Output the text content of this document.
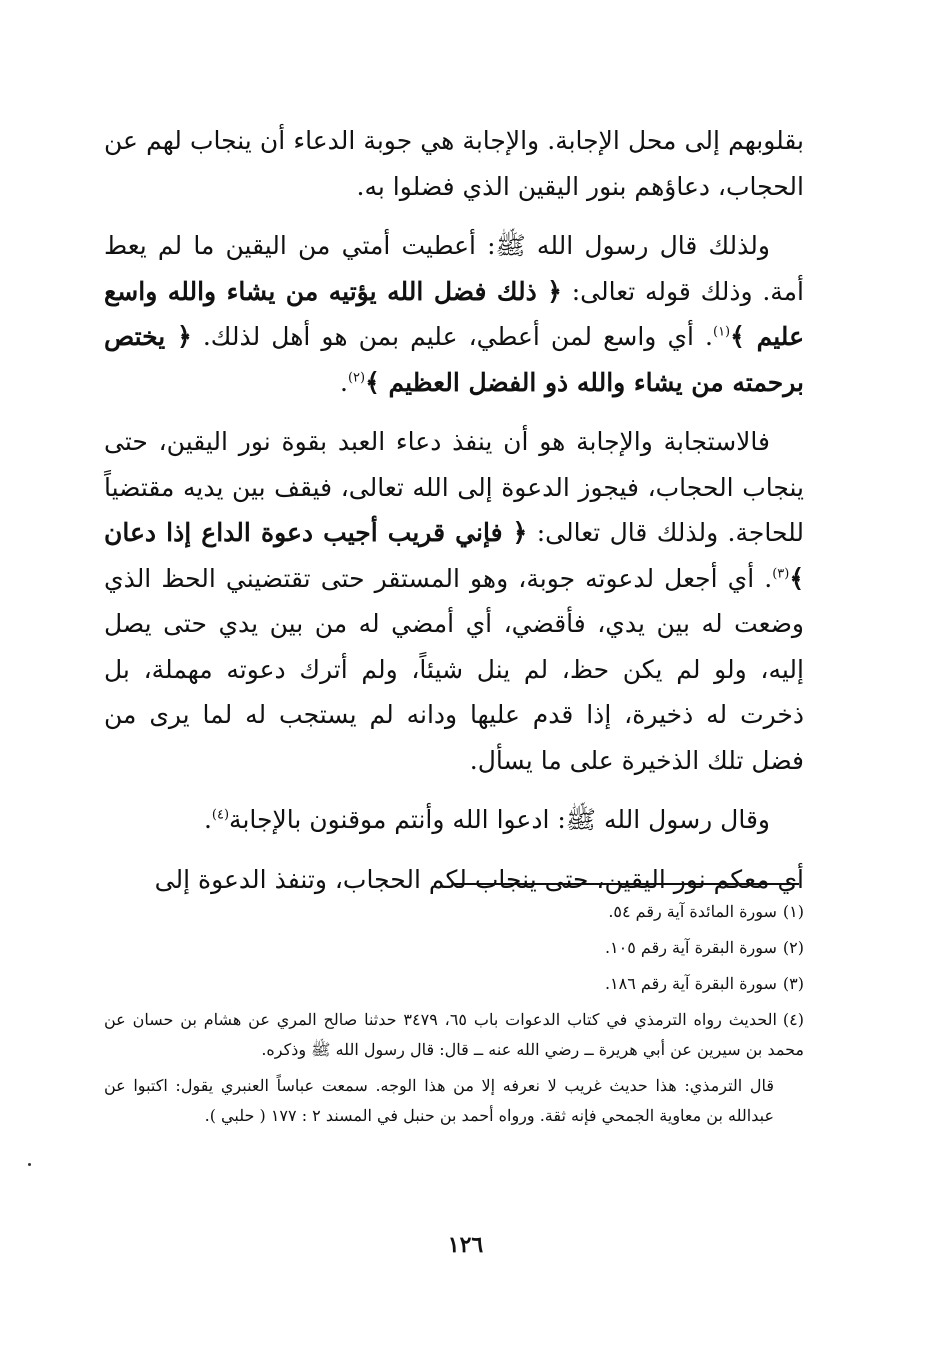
بقلوبهم إلى محل الإجابة. والإجابة هي جوبة الدعاء أن ينجاب لهم عن الحجاب، دعاؤهم بنور اليقين الذي فضلوا به.

ولذلك قال رسول الله ﷺ: أعطيت أمتي من اليقين ما لم يعط أمة. وذلك قوله تعالى: ﴿ ذلك فضل الله يؤتيه من يشاء والله واسع عليم ﴾$^{(١)}$. أي واسع لمن أعطي، عليم بمن هو أهل لذلك. ﴿ يختص برحمته من يشاء والله ذو الفضل العظيم ﴾$^{(٢)}$.

فالاستجابة والإجابة هو أن ينفذ دعاء العبد بقوة نور اليقين، حتى ينجاب الحجاب، فيجوز الدعوة إلى الله تعالى، فيقف بين يديه مقتضياً للحاجة. ولذلك قال تعالى: ﴿ فإني قريب أجيب دعوة الداع إذا دعان ﴾$^{(٣)}$. أي أجعل لدعوته جوبة، وهو المستقر حتى تقتضيني الحظ الذي وضعت له بين يدي، فأقضي، أي أمضي له من بين يدي حتى يصل إليه، ولو لم يكن حظ، لم ينل شيئاً، ولم أترك دعوته مهملة، بل ذخرت له ذخيرة، إذا قدم عليها ودانه لم يستجب له لما يرى من فضل تلك الذخيرة على ما يسأل.

وقال رسول الله ﷺ: ادعوا الله وأنتم موقنون بالإجابة$^{(٤)}$.

أي معكم نور اليقين، حتى ينجاب لكم الحجاب، وتنفذ الدعوة إلى

(١)سورة المائدة آية رقم ٥٤.

(٢)سورة البقرة آية رقم ١٠٥.

(٣)سورة البقرة آية رقم ١٨٦.

(٤)الحديث رواه الترمذي في كتاب الدعوات باب ٦٥، ٣٤٧٩ حدثنا صالح المري عن هشام بن حسان عن محمد بن سيرين عن أبي هريرة ــ رضي الله عنه ــ قال: قال رسول الله ﷺ وذكره.

قال الترمذي: هذا حديث غريب لا نعرفه إلا من هذا الوجه. سمعت عباساً العنبري يقول: اكتبوا عن عبدالله بن معاوية الجمحي فإنه ثقة. ورواه أحمد بن حنبل في المسند ٢ : ١٧٧ ( حلبي ).

١٢٦
